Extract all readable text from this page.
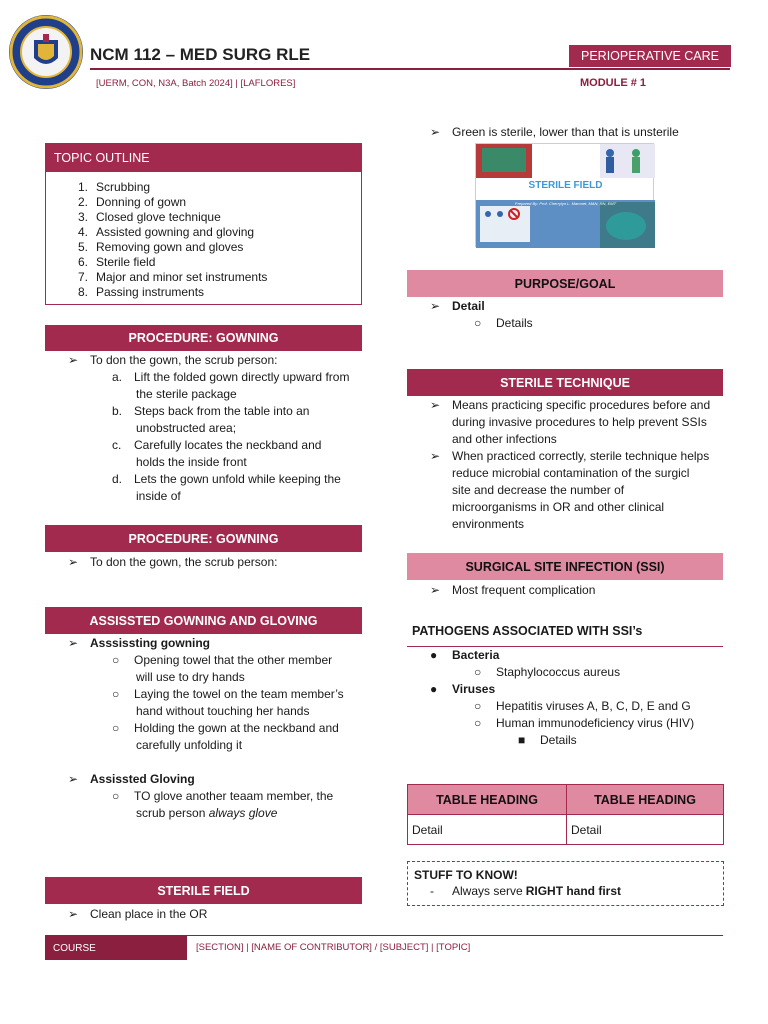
NCM 112 – MED SURG RLE
[UERM, CON, N3A, Batch 2024] | [LAFLORES]
PERIOPERATIVE CARE
MODULE # 1
TOPIC OUTLINE
1. Scrubbing
2. Donning of gown
3. Closed glove technique
4. Assisted gowning and gloving
5. Removing gown and gloves
6. Sterile field
7. Major and minor set instruments
8. Passing instruments
PROCEDURE: GOWNING
➢ To don the gown, the scrub person:
a. Lift the folded gown directly upward from
the sterile package
b. Steps back from the table into an
unobstructed area;
c.	Carefully locates the neckband and
holds the inside front
d. Lets the gown unfold while keeping the
inside of
PROCEDURE: GOWNING
➢ To don the gown, the scrub person:
ASSISSTED GOWNING AND GLOVING
➢ Asssissting gowning
○	Opening towel that the other member
will use to dry hands
○	Laying the towel on the team member’s
hand without touching her hands
○	Holding the gown at the neckband and
carefully unfolding it
➢ Assissted Gloving
○	TO glove another teaam member, the
scrub person always glove
STERILE FIELD
➢ Clean place in the OR
➢ Green is sterile, lower than that is unsterile
STERILE FIELD
Prepared By: Prof. Cherrylyn L. Maronet, MAN, RN, EMT
PURPOSE/GOAL
➢ Detail
○	Details
STERILE TECHNIQUE
➢ Means practicing specific procedures before and
during invasive procedures to help prevent SSIs
and other infections
➢ When practiced correctly, sterile technique helps
reduce microbial contamination of the surgicl
site and decrease the number of
microorganisms in OR and other clinical
environments
SURGICAL SITE INFECTION (SSI)
➢ Most frequent complication
PATHOGENS ASSOCIATED WITH SSI’s
●	Bacteria
○	Staphylococcus aureus
●	Viruses
○	Hepatitis viruses A, B, C, D, E and G
○	Human immunodeficiency virus (HIV)
■	Details
TABLE HEADING	TABLE HEADING
Detail	Detail
STUFF TO KNOW!
-	Always serve RIGHT hand first
COURSE	[SECTION] | [NAME OF CONTRIBUTOR] / [SUBJECT] | [TOPIC]
